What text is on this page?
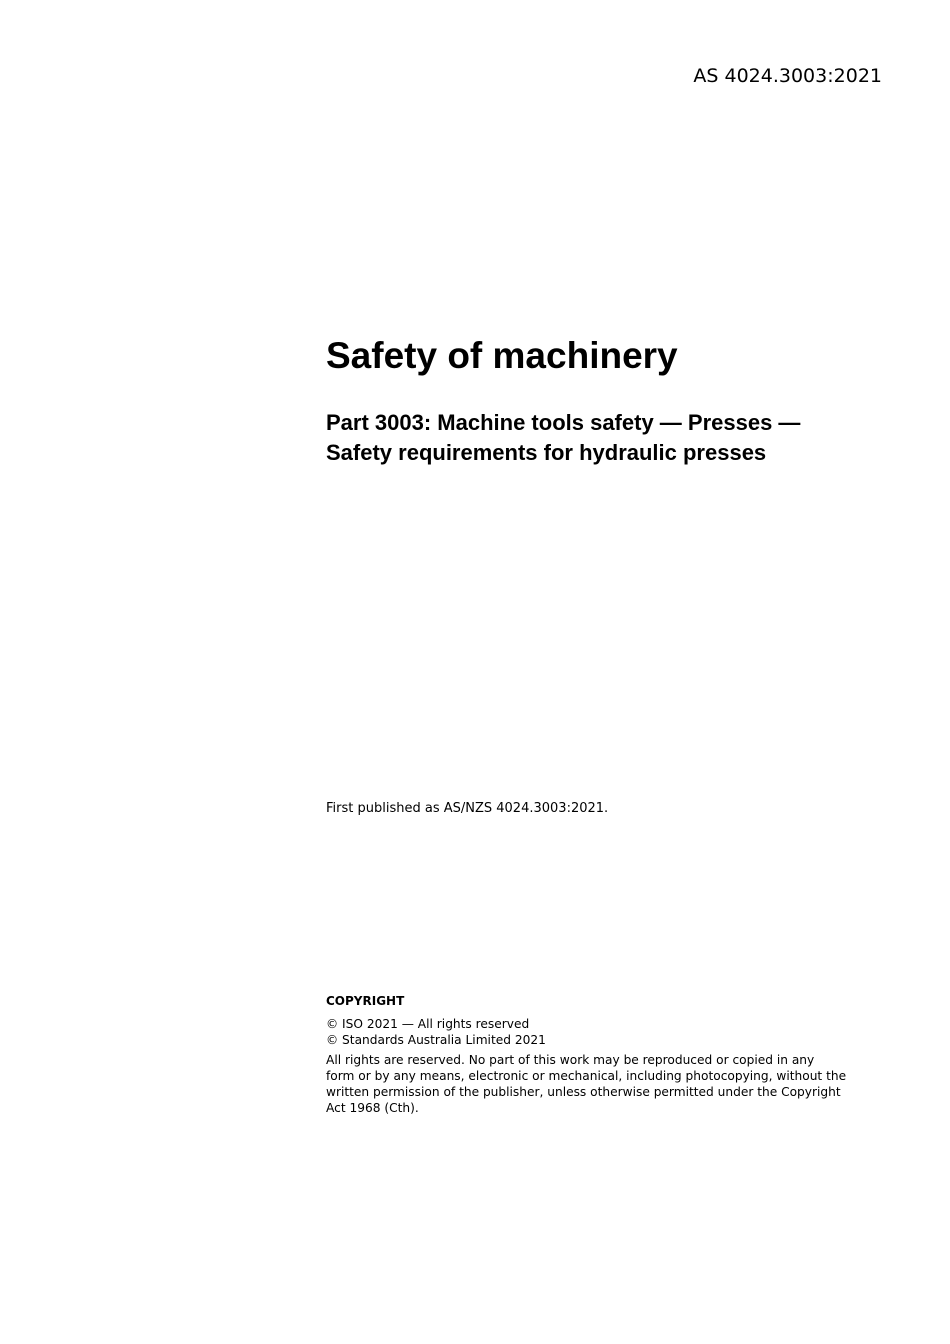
AS 4024.3003:2021
Safety of machinery
Part 3003: Machine tools safety — Presses —
Safety requirements for hydraulic presses
First published as AS/NZS 4024.3003:2021.
COPYRIGHT
© ISO 2021 — All rights reserved
© Standards Australia Limited 2021
All rights are reserved. No part of this work may be reproduced or copied in any
form or by any means, electronic or mechanical, including photocopying, without the
written permission of the publisher, unless otherwise permitted under the Copyright
Act 1968 (Cth).
